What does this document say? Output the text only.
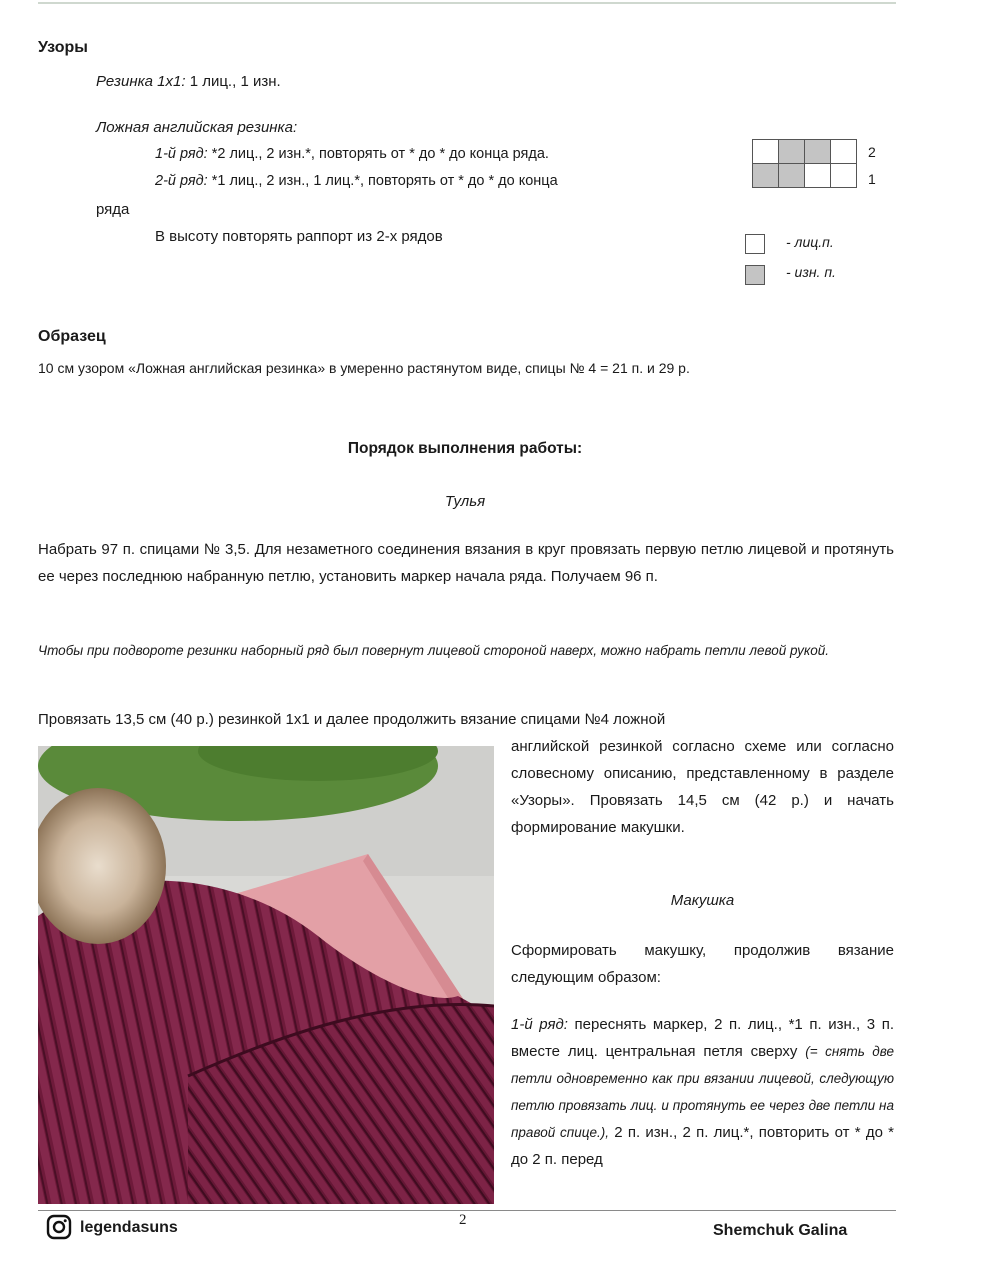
Узоры
Резинка 1х1: 1 лиц., 1 изн.
Ложная английская резинка:
1-й ряд: *2 лиц., 2 изн.*, повторять от * до * до конца ряда.
2-й ряд: *1 лиц., 2 изн., 1 лиц.*, повторять от * до * до конца
ряда
В высоту повторять раппорт из 2-х рядов

2
1
- лиц.п.
- изн. п.
Образец
10 см узором «Ложная английская резинка» в умеренно растянутом виде, спицы № 4 = 21 п. и 29 р.
Порядок выполнения работы:
Тулья
Набрать 97 п. спицами № 3,5. Для незаметного соединения вязания в круг провязать первую петлю лицевой и протянуть ее через последнюю набранную петлю, установить маркер начала ряда. Получаем 96 п.
Чтобы при подвороте резинки наборный ряд был повернут лицевой стороной наверх, можно набрать петли левой рукой.
Провязать 13,5 см (40 р.) резинкой 1х1 и далее продолжить вязание спицами №4 ложной
английской резинкой согласно схеме или согласно словесному описанию, представленному в разделе «Узоры». Провязать 14,5 см (42 р.) и начать формирование макушки.
Макушка
Сформировать макушку, продолжив вязание следующим образом:
1-й ряд: переснять маркер, 2 п. лиц., *1 п. изн., 3 п. вместе лиц. центральная петля сверху (= снять две петли одновременно как при вязании лицевой, следующую петлю провязать лиц. и протянуть ее через две петли на правой спице.), 2 п. изн., 2 п. лиц.*, повторить от * до * до 2 п. перед
legendasuns	2
Shemchuk Galina
